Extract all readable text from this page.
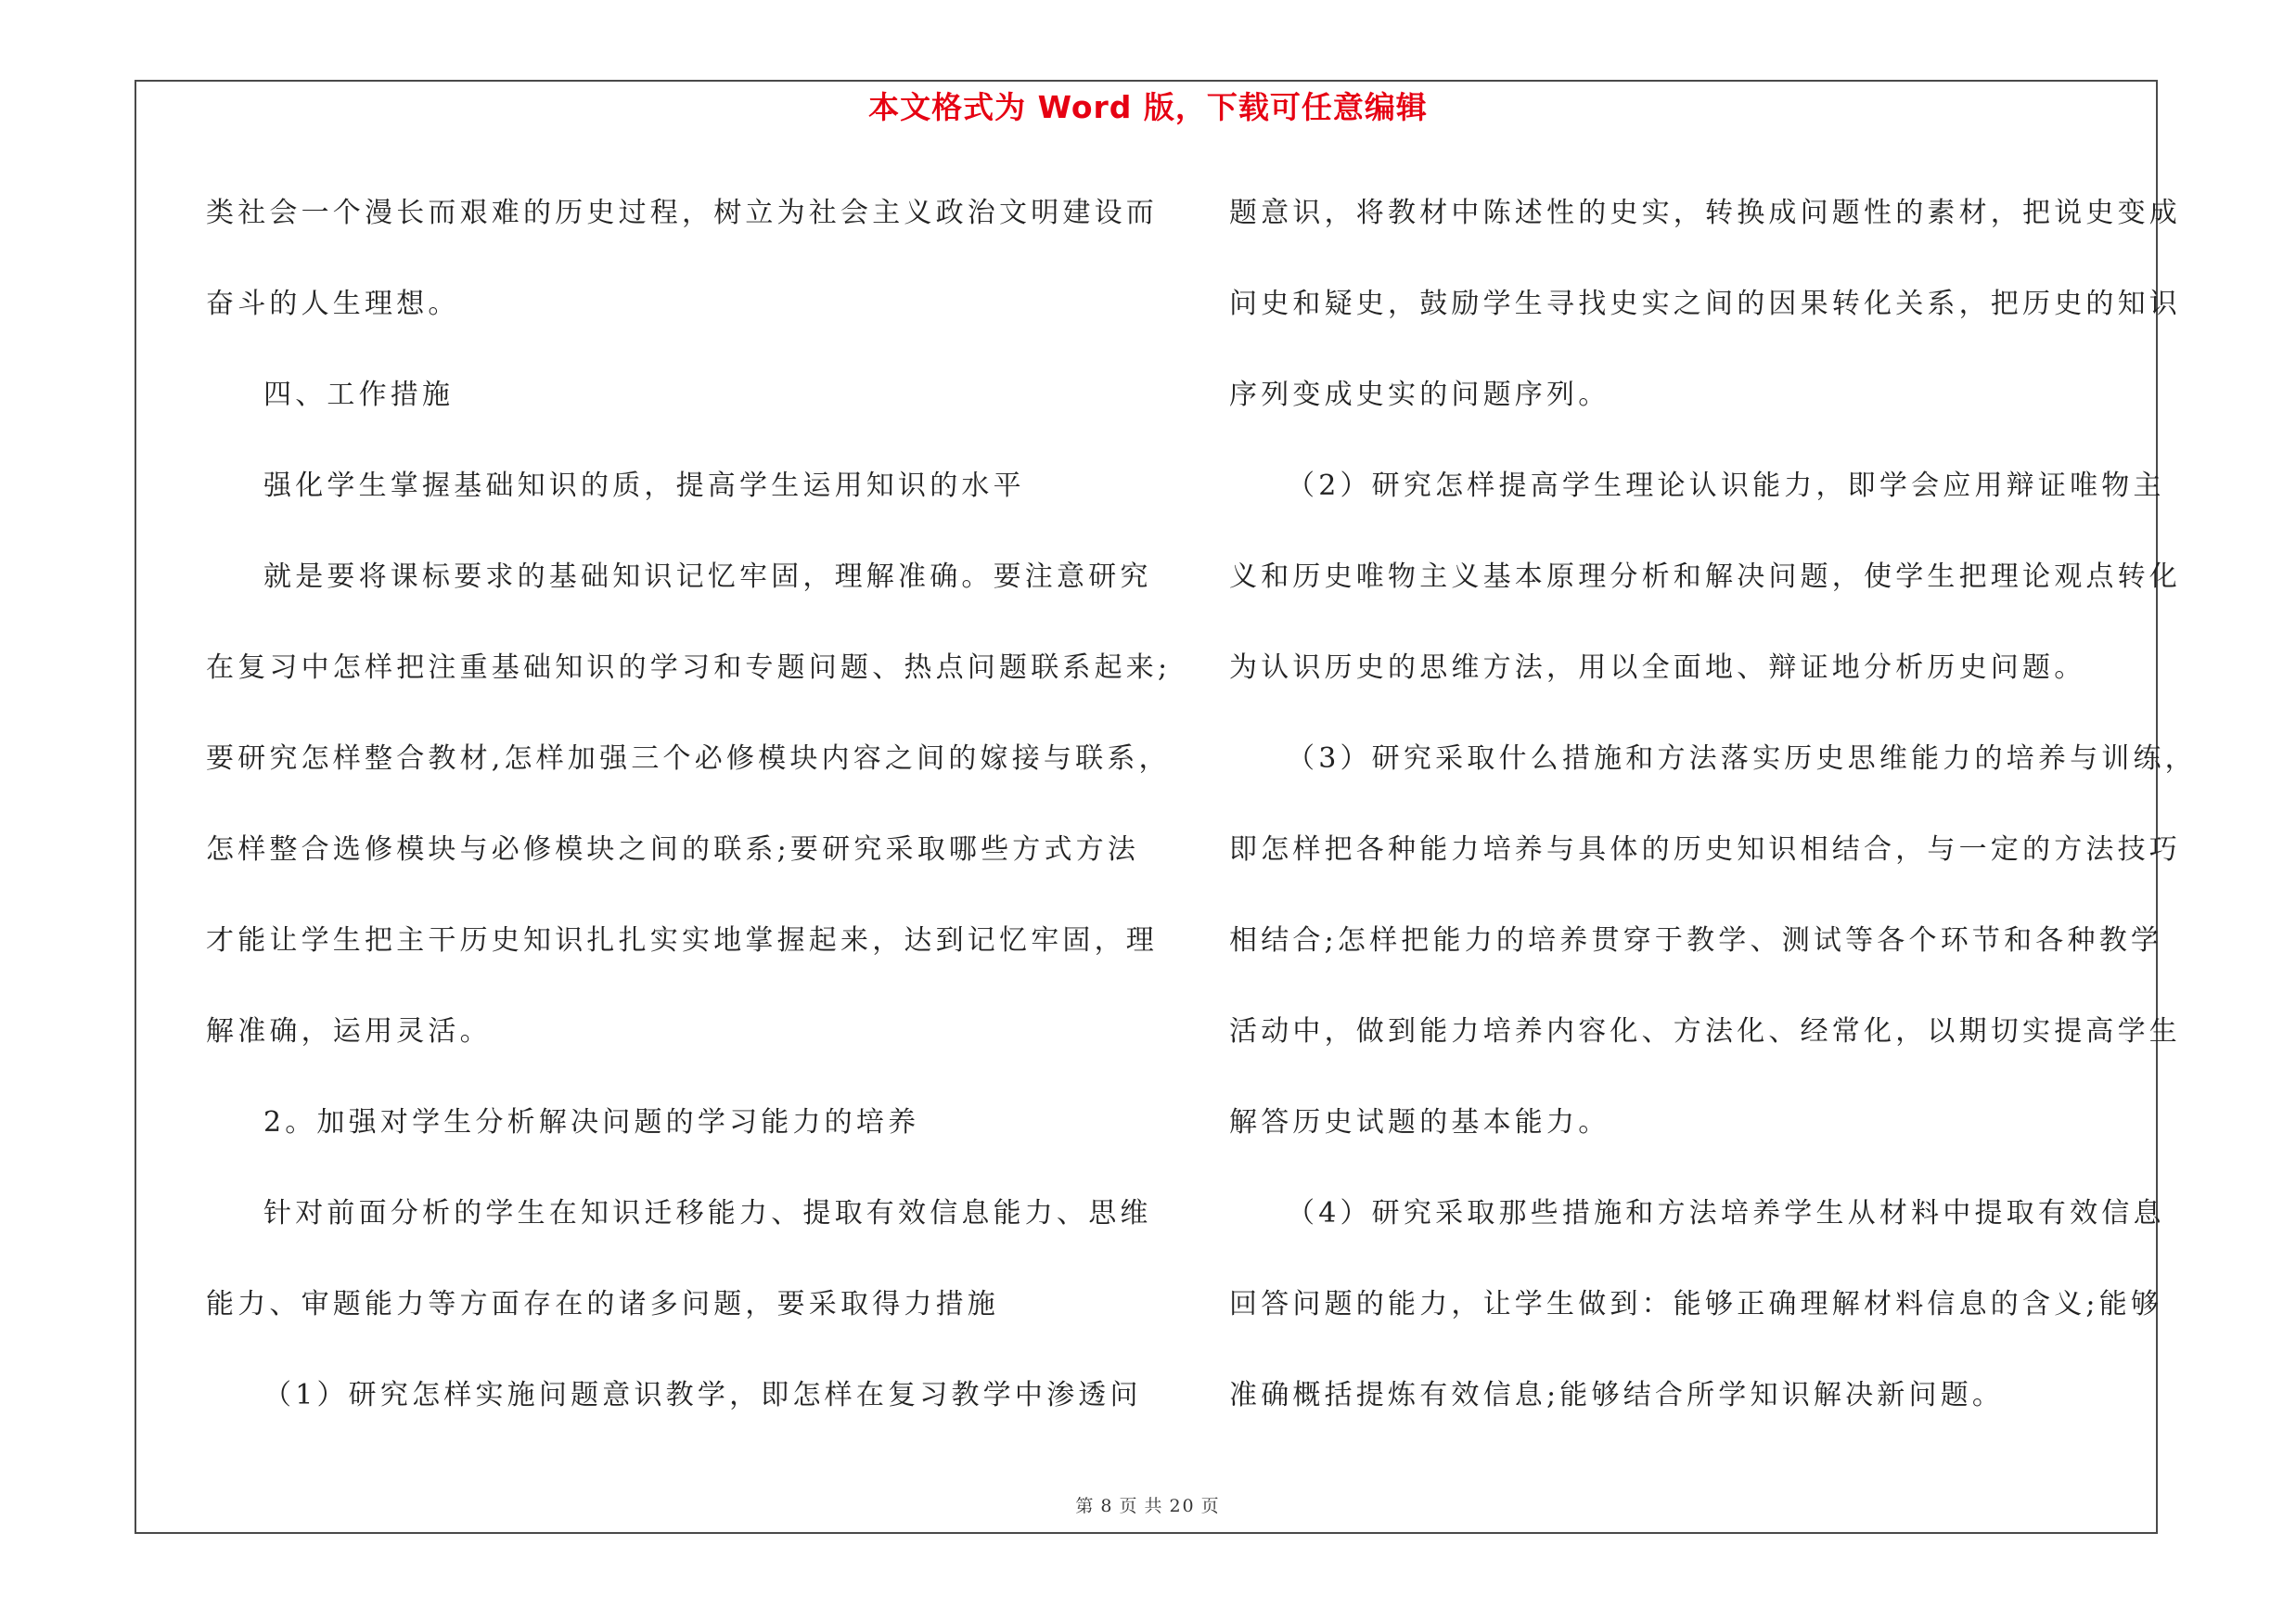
本文格式为 Word 版，下载可任意编辑
类社会一个漫长而艰难的历史过程，树立为社会主义政治文明建设而
奋斗的人生理想。
四、工作措施
强化学生掌握基础知识的质，提高学生运用知识的水平
就是要将课标要求的基础知识记忆牢固，理解准确。要注意研究
在复习中怎样把注重基础知识的学习和专题问题、热点问题联系起来;
要研究怎样整合教材,怎样加强三个必修模块内容之间的嫁接与联系，
怎样整合选修模块与必修模块之间的联系;要研究采取哪些方式方法
才能让学生把主干历史知识扎扎实实地掌握起来，达到记忆牢固，理
解准确，运用灵活。
2。加强对学生分析解决问题的学习能力的培养
针对前面分析的学生在知识迁移能力、提取有效信息能力、思维
能力、审题能力等方面存在的诸多问题，要采取得力措施
（1）研究怎样实施问题意识教学，即怎样在复习教学中渗透问
题意识，将教材中陈述性的史实，转换成问题性的素材，把说史变成
问史和疑史，鼓励学生寻找史实之间的因果转化关系，把历史的知识
序列变成史实的问题序列。
（2）研究怎样提高学生理论认识能力，即学会应用辩证唯物主
义和历史唯物主义基本原理分析和解决问题，使学生把理论观点转化
为认识历史的思维方法，用以全面地、辩证地分析历史问题。
（3）研究采取什么措施和方法落实历史思维能力的培养与训练，
即怎样把各种能力培养与具体的历史知识相结合，与一定的方法技巧
相结合;怎样把能力的培养贯穿于教学、测试等各个环节和各种教学
活动中，做到能力培养内容化、方法化、经常化，以期切实提高学生
解答历史试题的基本能力。
（4）研究采取那些措施和方法培养学生从材料中提取有效信息
回答问题的能力，让学生做到：能够正确理解材料信息的含义;能够
准确概括提炼有效信息;能够结合所学知识解决新问题。
第 8 页 共 20 页
